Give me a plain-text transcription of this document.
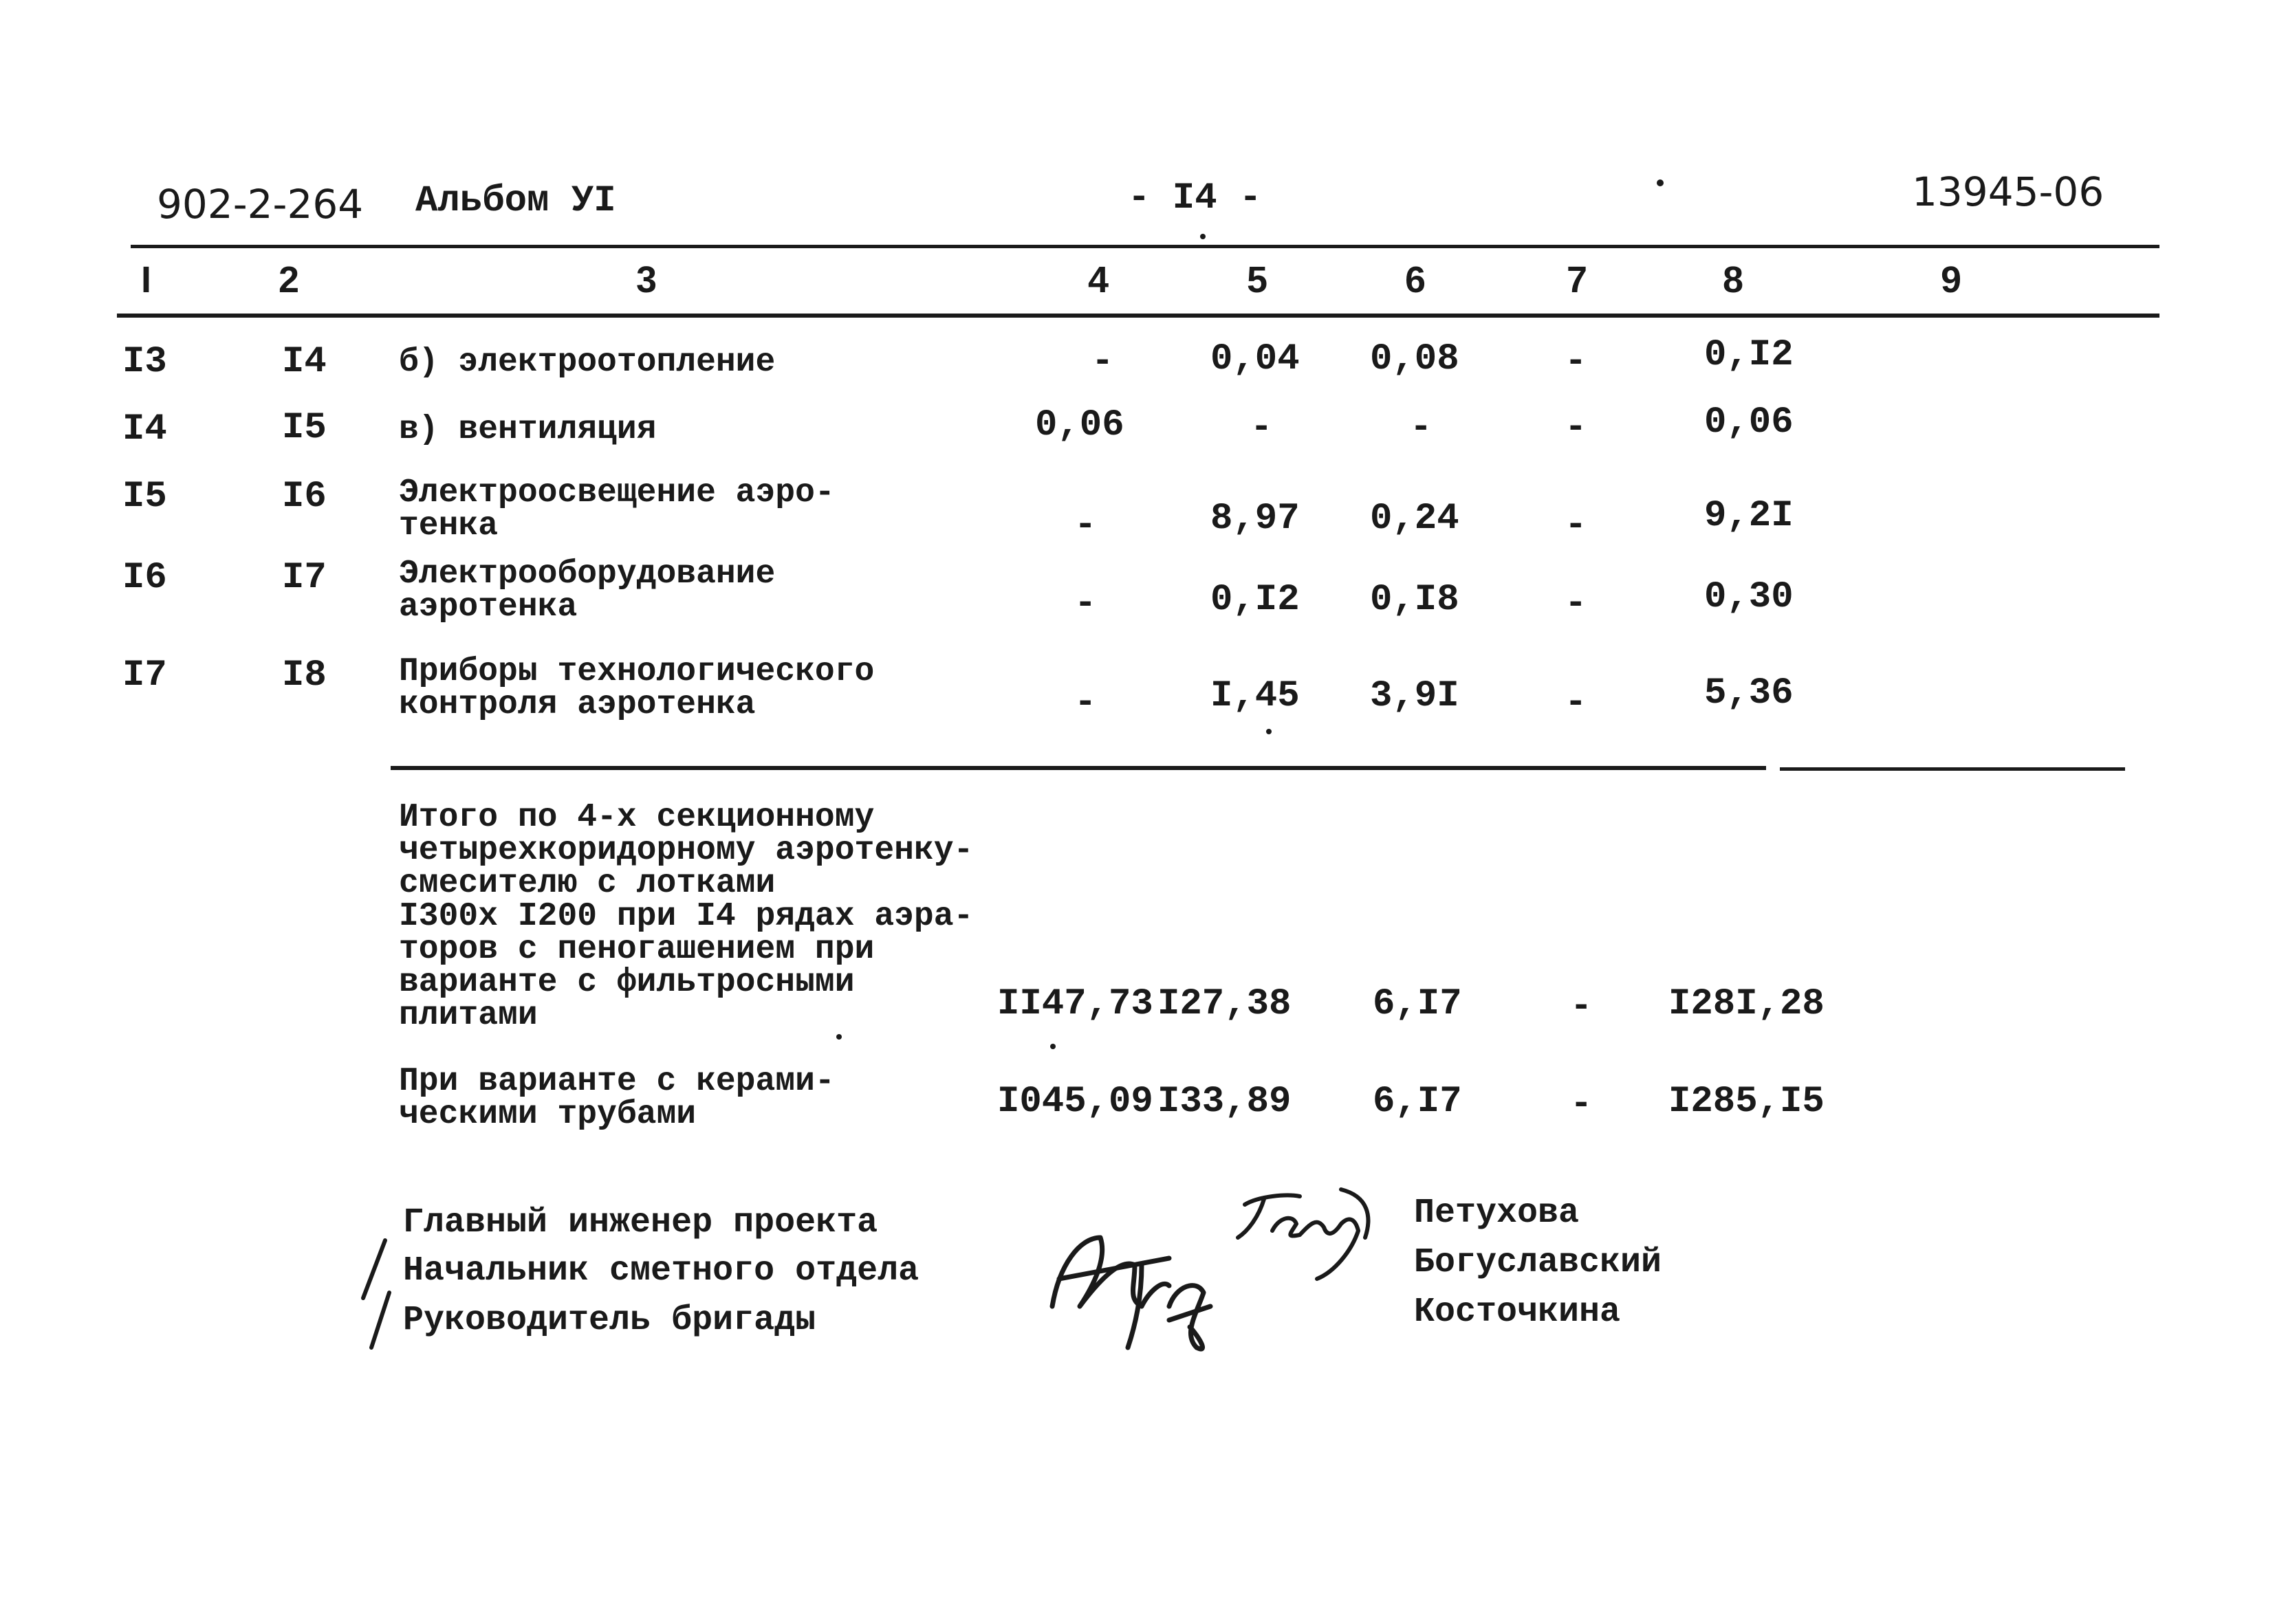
902-2-264 Альбом УI	- I4 -	13945-06
I	2	3	4	5	6	7	8	9
I3	I4 б) электроотопление	-	0,04 0,08	-	0,I2
I4	I5 в) вентиляция	0,06	-	-	-	0,06
I5	I6 Электроосвещение аэро-
тенка	-	8,97 0,24	-	9,2I
I6	I7 Электрооборудование
аэротенка	-	0,I2 0,I8	-	0,30
I7	I8 Приборы технологического
контроля аэротенка	-	I,45 3,9I	-	5,36
Итого по 4-х секционному
четырехкоридорному аэротенку-
смесителю с лотками
I300х I200 при I4 рядах аэра-
торов с пеногашением при
варианте с фильтросными
плитами	II47,73 I27,38 6,I7	- I28I,28
При варианте с керами-
ческими трубами	I045,09 I33,89 6,I7	- I285,I5
Главный инженер проекта
Начальник сметного отдела
Руководитель бригады
Петухова
Богуславский
Косточкина
